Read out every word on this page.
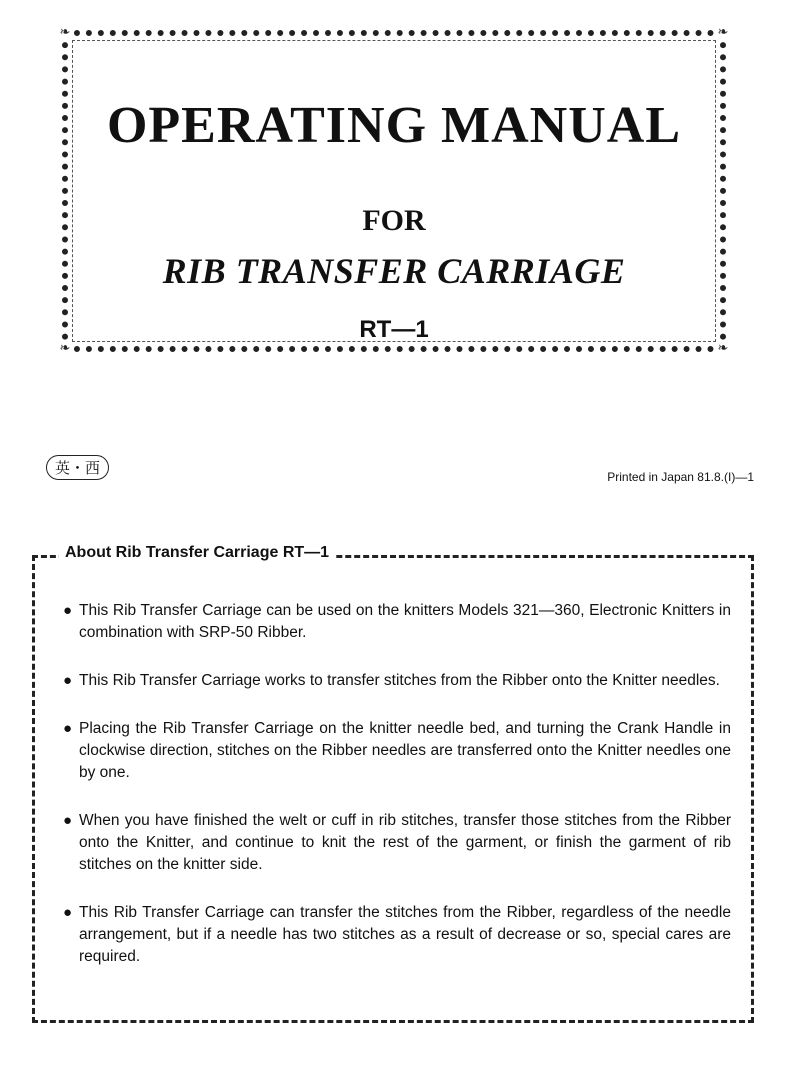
❧	❧
❧	❧
OPERATING MANUAL
FOR
RIB TRANSFER CARRIAGE
RT—1
英・西	Printed in Japan 81.8.(I)—1
About Rib Transfer Carriage RT—1
● This Rib Transfer Carriage can be used on the knitters Models 321—360, Electronic Knitters in combination with SRP-50 Ribber.
● This Rib Transfer Carriage works to transfer stitches from the Ribber onto the Knitter needles.
● Placing the Rib Transfer Carriage on the knitter needle bed, and turning the Crank Handle in clockwise direction, stitches on the Ribber needles are transferred onto the Knitter needles one by one.
● When you have finished the welt or cuff in rib stitches, transfer those stitches from the Ribber onto the Knitter, and continue to knit the rest of the garment, or finish the garment of rib stitches on the knitter side.
● This Rib Transfer Carriage can transfer the stitches from the Ribber, regardless of the needle arrangement, but if a needle has two stitches as a result of decrease or so, special cares are required.
